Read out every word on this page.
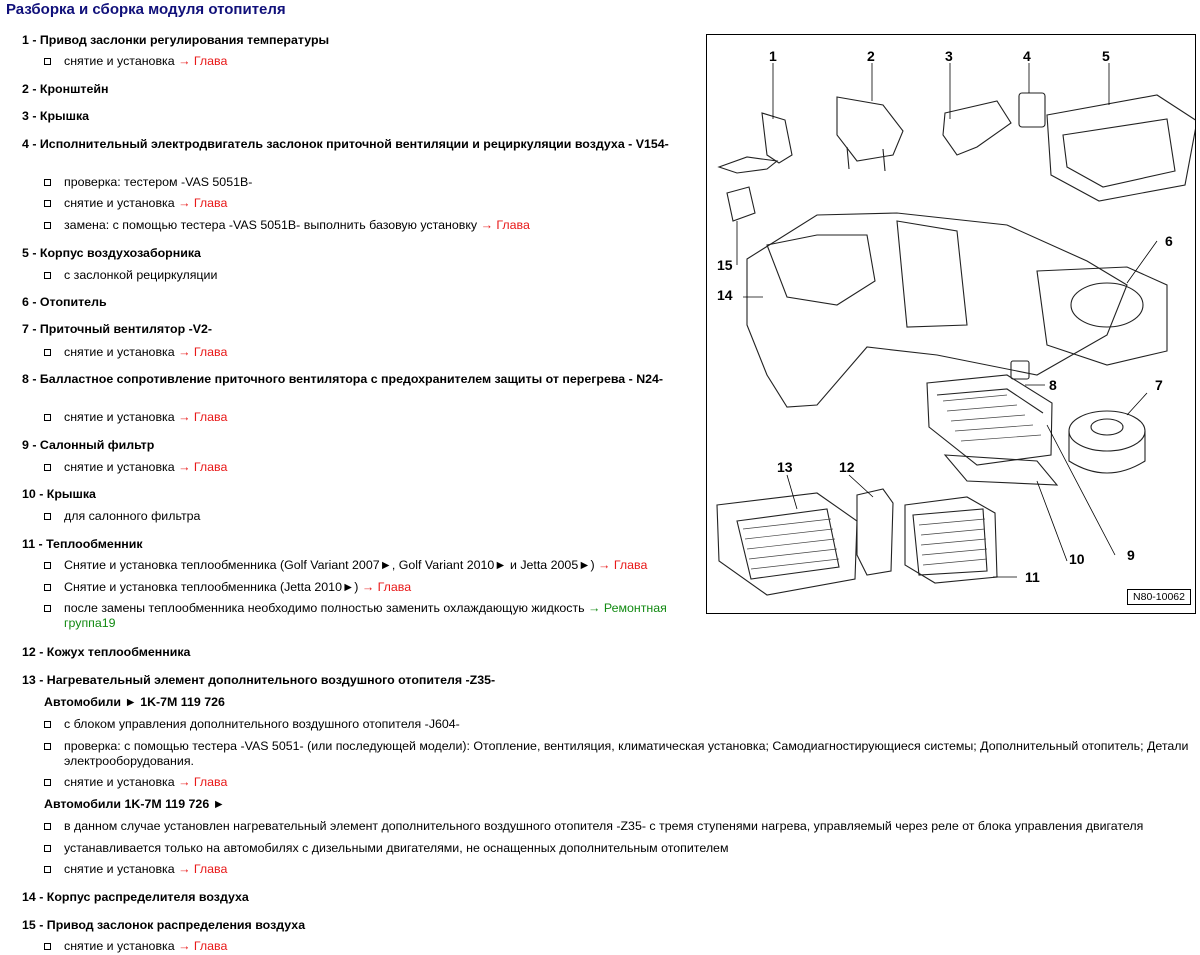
Разборка и сборка модуля отопителя
1 - Привод заслонки регулирования температуры
2 - Кронштейн
3 - Крышка
4 - Исполнительный электродвигатель заслонок приточной вентиляции и рециркуляции воздуха - V154-
5 - Корпус воздухозаборника
6 - Отопитель
7 - Приточный вентилятор -V2-
8 - Балластное сопротивление приточного вентилятора с предохранителем защиты от перегрева - N24-
9 - Салонный фильтр
10 - Крышка
11 - Теплообменник
12 - Кожух теплообменника
13 - Нагревательный элемент дополнительного воздушного отопителя -Z35-
14 - Корпус распределителя воздуха
15 - Привод заслонок распределения воздуха
Автомобили ► 1K-7M 119 726
Автомобили 1K-7M 119 726 ►
снятие и установка → Глава
проверка: тестером -VAS 5051B-
снятие и установка → Глава
замена: с помощью тестера -VAS 5051B- выполнить базовую установку → Глава
с заслонкой рециркуляции
снятие и установка → Глава
снятие и установка → Глава
снятие и установка → Глава
для салонного фильтра
Снятие и установка теплообменника (Golf Variant 2007►, Golf Variant 2010► и Jetta 2005►) → Глава
Снятие и установка теплообменника (Jetta 2010►) → Глава
после замены теплообменника необходимо полностью заменить охлаждающую жидкость → Ремонтная группа19
с блоком управления дополнительного воздушного отопителя -J604-
проверка: с помощью тестера -VAS 5051- (или последующей модели): Отопление, вентиляция, климатическая установка; Самодиагностирующиеся системы; Дополнительный отопитель; Детали электрооборудования.
снятие и установка → Глава
в данном случае установлен нагревательный элемент дополнительного воздушного отопителя -Z35- с тремя ступенями нагрева, управляемый через реле от блока управления двигателя
устанавливается только на автомобилях с дизельными двигателями, не оснащенных дополнительным отопителем
снятие и установка → Глава
снятие и установка → Глава
1	2	3	4	5
6
7
8
9
10
11
12
13
14
15
N80-10062
